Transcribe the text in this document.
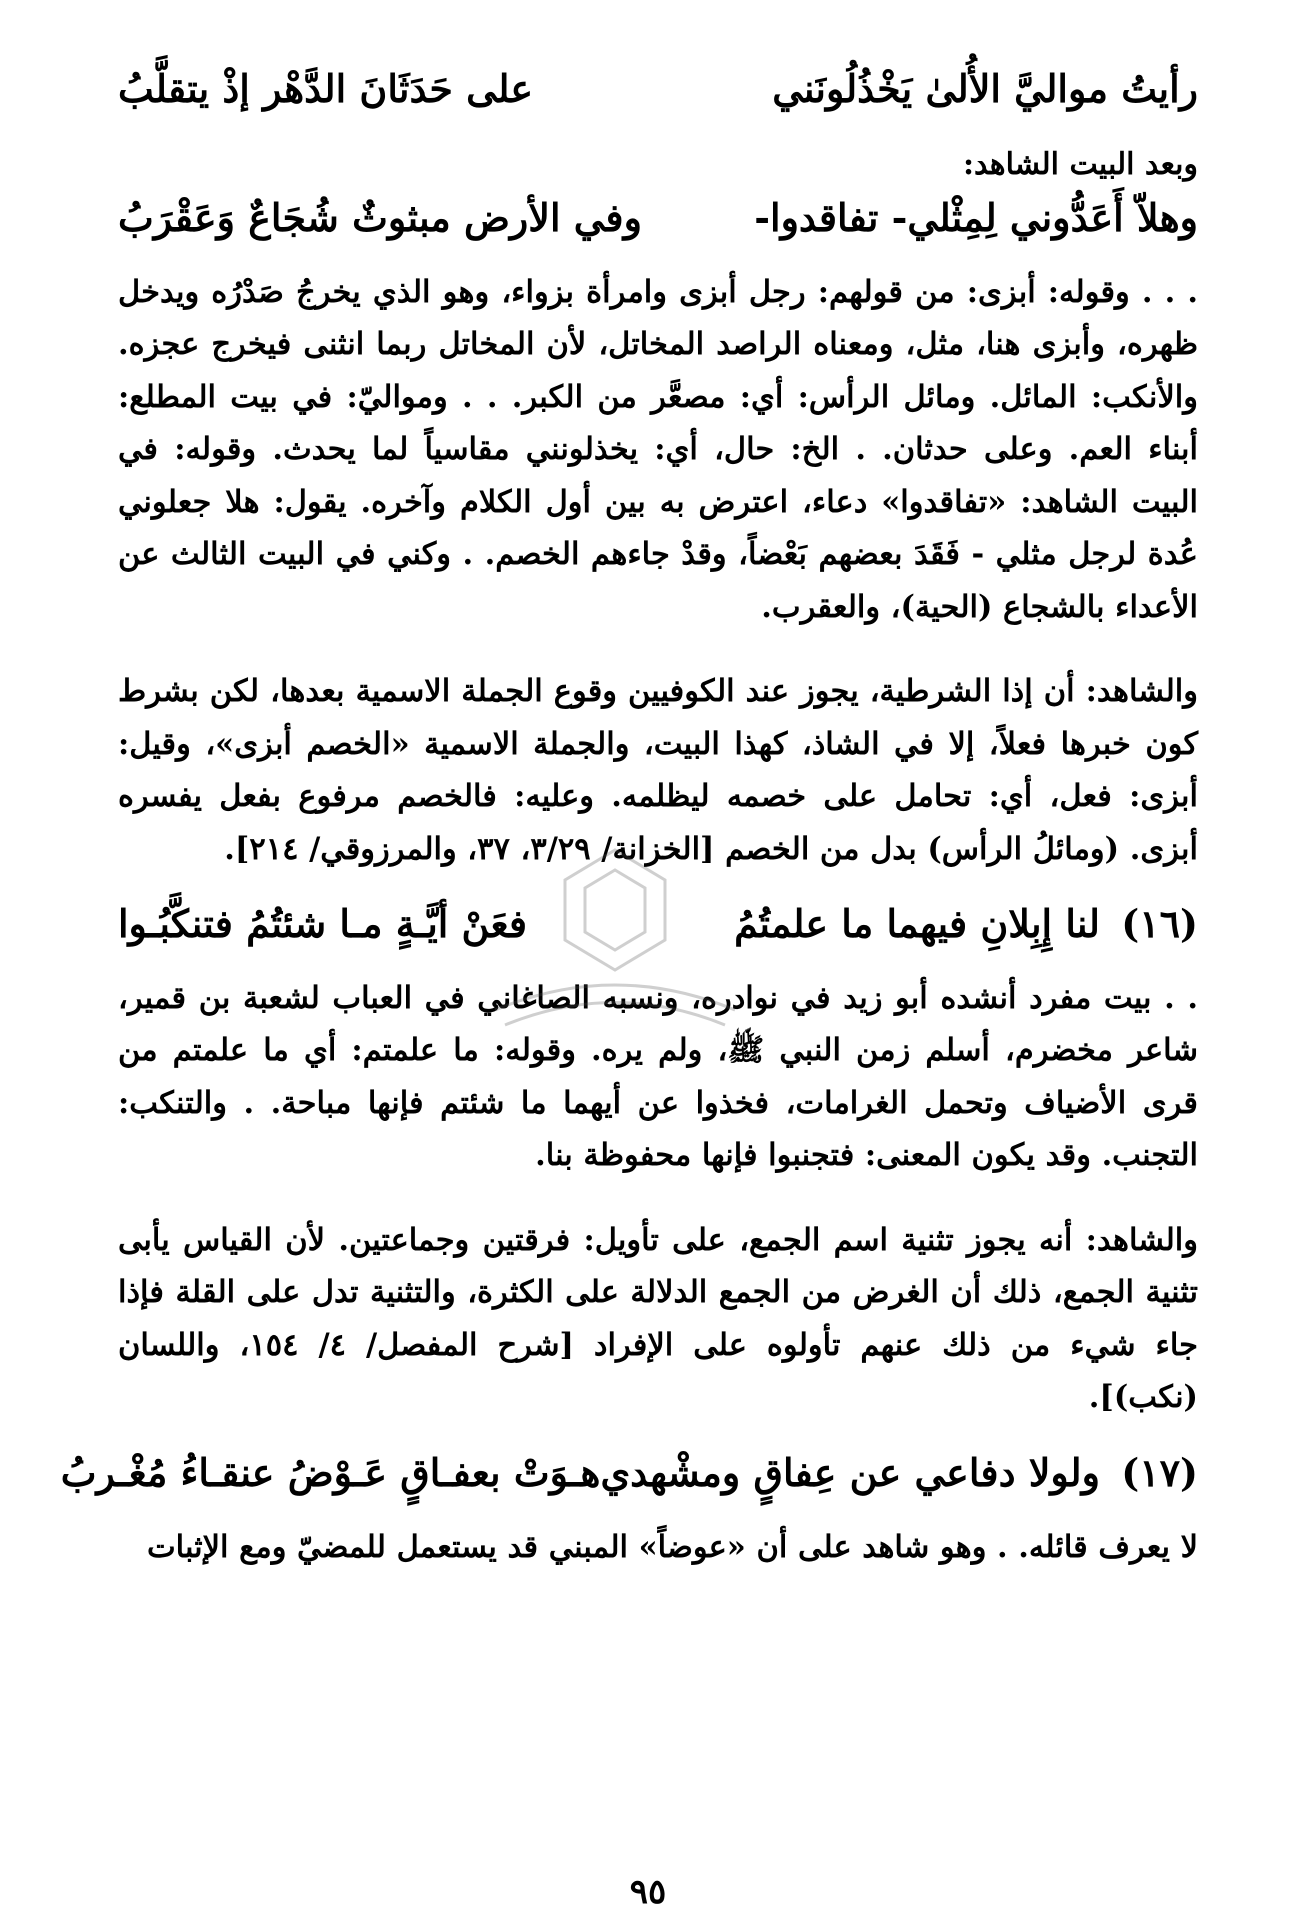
رأيتُ مواليَّ الأُلىٰ يَخْذُلُونَني
على حَدَثَانَ الدَّهْر إذْ يتقلَّبُ
وبعد البيت الشاهد:
وهلاّ أَعَدُّوني لِمِثْلي- تفاقدوا-
وفي الأرض مبثوثٌ شُجَاعٌ وَعَقْرَبُ

. . . وقوله: أبزى: من قولهم: رجل أبزى وامرأة بزواء، وهو الذي يخرجُ صَدْرُه ويدخل ظهره، وأبزى هنا، مثل، ومعناه الراصد المخاتل، لأن المخاتل ربما انثنى فيخرج عجزه. والأنكب: المائل. ومائل الرأس: أي: مصعَّر من الكبر. . . ومواليّ: في بيت المطلع: أبناء العم. وعلى حدثان. . الخ: حال، أي: يخذلونني مقاسياً لما يحدث. وقوله: في البيت الشاهد: «تفاقدوا» دعاء، اعترض به بين أول الكلام وآخره. يقول: هلا جعلوني عُدة لرجل مثلي - فَقَدَ بعضهم بَعْضاً، وقدْ جاءهم الخصم. . وكني في البيت الثالث عن الأعداء بالشجاع (الحية)، والعقرب.

والشاهد: أن إذا الشرطية، يجوز عند الكوفيين وقوع الجملة الاسمية بعدها، لكن بشرط كون خبرها فعلاً، إلا في الشاذ، كهذا البيت، والجملة الاسمية «الخصم أبزى»، وقيل: أبزى: فعل، أي: تحامل على خصمه ليظلمه. وعليه: فالخصم مرفوع بفعل يفسره أبزى. (ومائلُ الرأس) بدل من الخصم [الخزانة/ ٣/٢٩، ٣٧، والمرزوقي/ ٢١٤].

(١٦) لنا إِبِلانِ فيهما ما علمتُمُ
فعَنْ أيَّـةٍ مـا شئتُمُ فتنكَّبُـوا

. . بيت مفرد أنشده أبو زيد في نوادره، ونسبه الصاغاني في العباب لشعبة بن قمير، شاعر مخضرم، أسلم زمن النبي ﷺ، ولم يره. وقوله: ما علمتم: أي ما علمتم من قرى الأضياف وتحمل الغرامات، فخذوا عن أيهما ما شئتم فإنها مباحة. . والتنكب: التجنب. وقد يكون المعنى: فتجنبوا فإنها محفوظة بنا.

والشاهد: أنه يجوز تثنية اسم الجمع، على تأويل: فرقتين وجماعتين. لأن القياس يأبى تثنية الجمع، ذلك أن الغرض من الجمع الدلالة على الكثرة، والتثنية تدل على القلة فإذا جاء شيء من ذلك عنهم تأولوه على الإفراد [شرح المفصل/ ٤/ ١٥٤، واللسان (نكب)].

(١٧) ولولا دفاعي عن عِفاقٍ ومشْهدي
هـوَتْ بعفـاقٍ عَـوْضُ عنقـاءُ مُغْـربُ

لا يعرف قائله. . وهو شاهد على أن «عوضاً» المبني قد يستعمل للمضيّ ومع الإثبات

٩٥
